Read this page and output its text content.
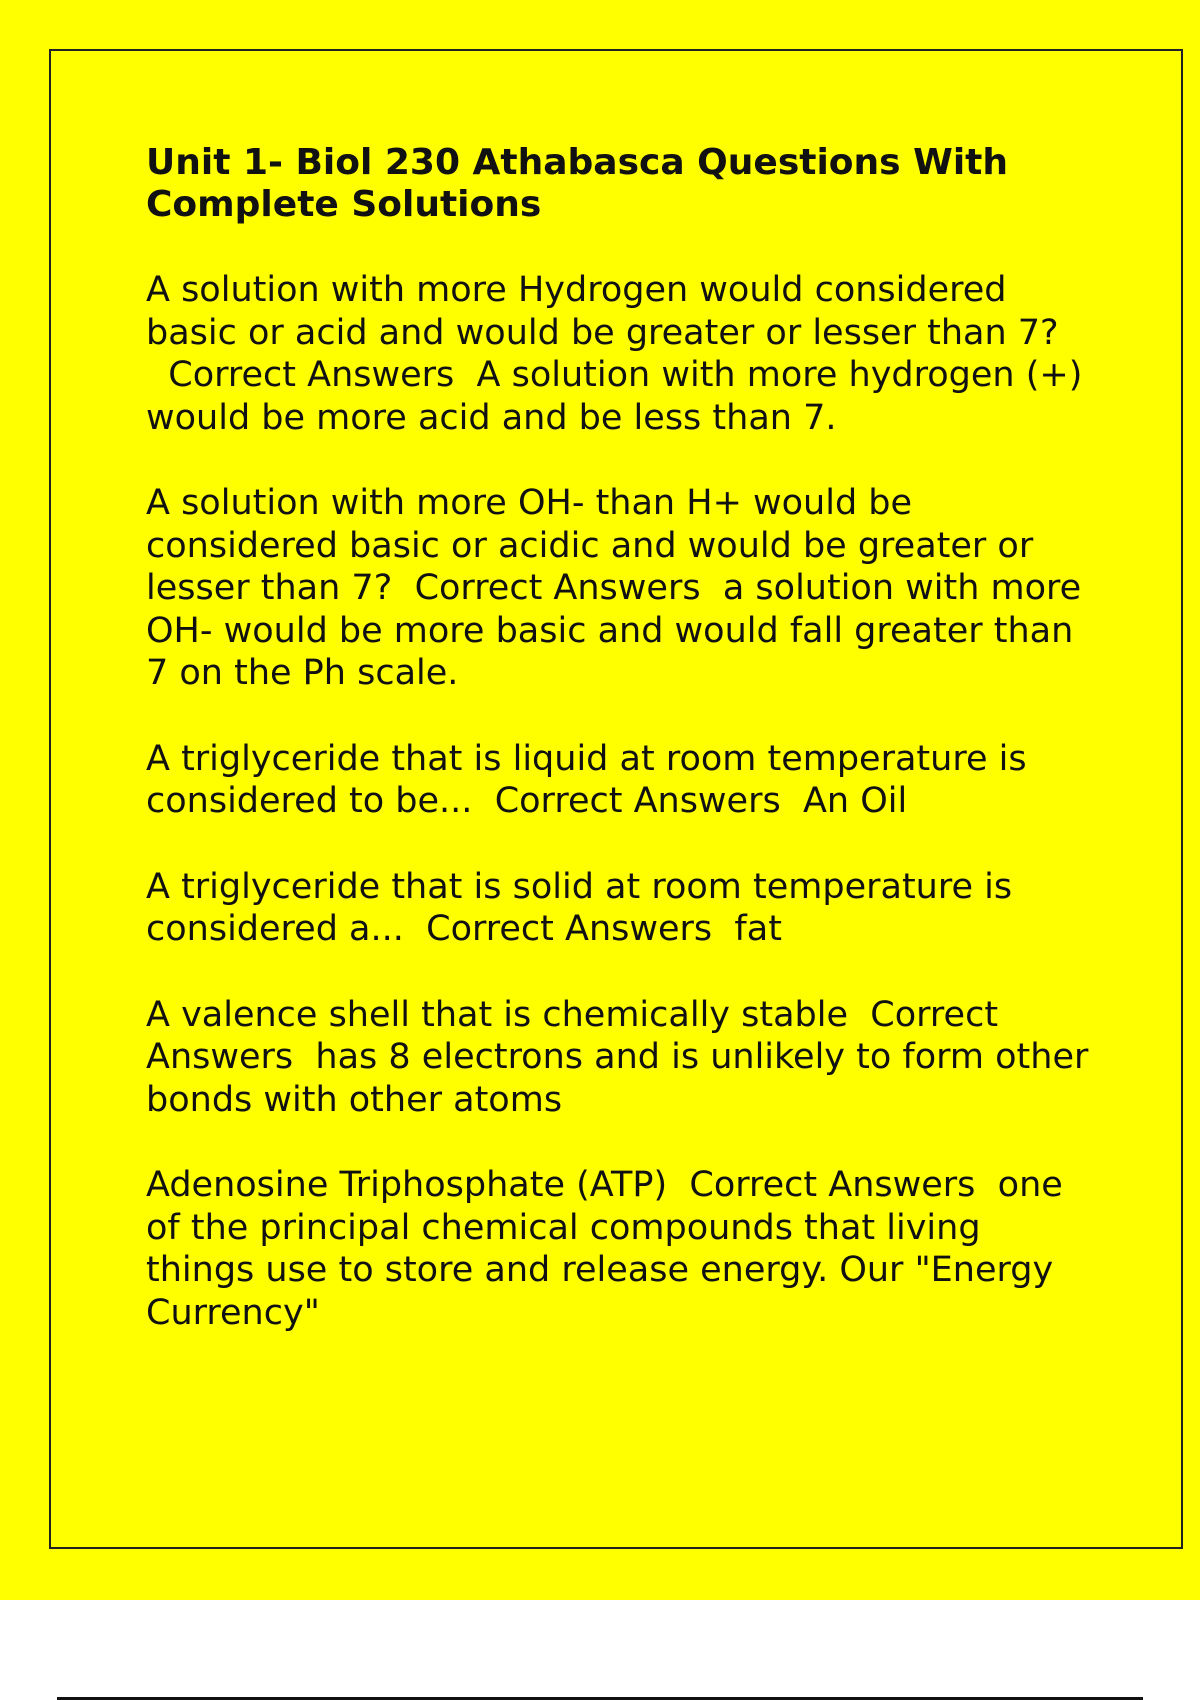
Unit 1- Biol 230 Athabasca Questions With Complete Solutions
A solution with more Hydrogen would considered basic or acid and would be greater or lesser than 7?  Correct Answers A solution with more hydrogen (+) would be more acid and be less than 7.
A solution with more OH- than H+ would be considered basic or acidic and would be greater or lesser than 7? Correct Answers a solution with more OH- would be more basic and would fall greater than 7 on the Ph scale.
A triglyceride that is liquid at room temperature is considered to be... Correct Answers An Oil
A triglyceride that is solid at room temperature is considered a... Correct Answers fat
A valence shell that is chemically stable Correct Answers has 8 electrons and is unlikely to form other bonds with other atoms
Adenosine Triphosphate (ATP) Correct Answers one of the principal chemical compounds that living things use to store and release energy. Our "Energy Currency"
